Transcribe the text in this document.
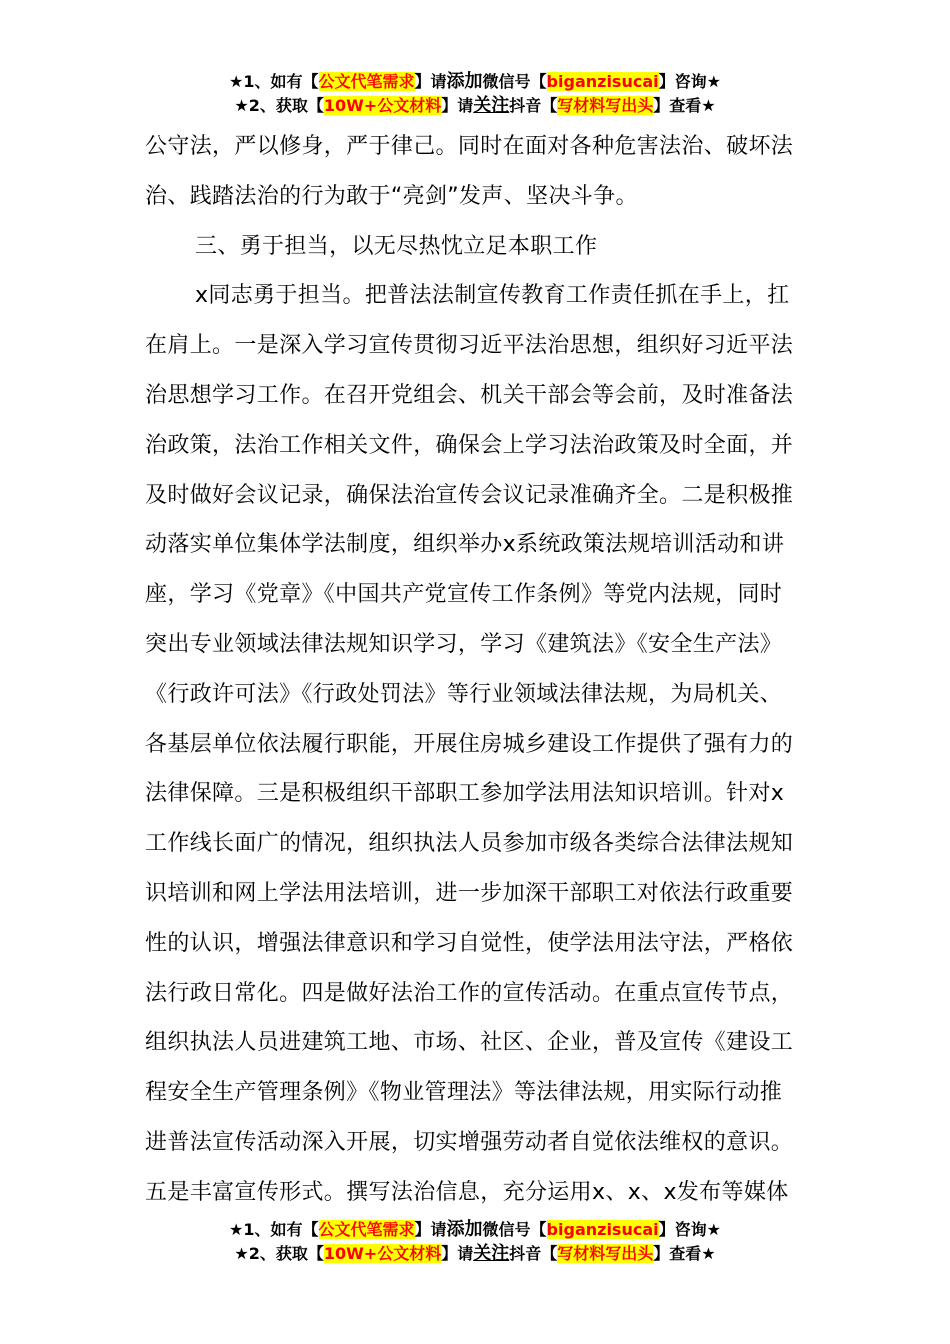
★1、如有【公文代笔需求】请添加微信号【biganzisucai】咨询★
★2、获取【10W+公文材料】请关注抖音【写材料写出头】查看★
公守法，严以修身，严于律己。同时在面对各种危害法治、破坏法
治、践踏法治的行为敢于“亮剑”发声、坚决斗争。
三、勇于担当，以无尽热忱立足本职工作
x同志勇于担当。把普法法制宣传教育工作责任抓在手上，扛
在肩上。一是深入学习宣传贯彻习近平法治思想，组织好习近平法
治思想学习工作。在召开党组会、机关干部会等会前，及时准备法
治政策，法治工作相关文件，确保会上学习法治政策及时全面，并
及时做好会议记录，确保法治宣传会议记录准确齐全。二是积极推
动落实单位集体学法制度，组织举办x系统政策法规培训活动和讲
座，学习《党章》《中国共产党宣传工作条例》等党内法规，同时
突出专业领域法律法规知识学习，学习《建筑法》《安全生产法》
《行政许可法》《行政处罚法》等行业领域法律法规，为局机关、
各基层单位依法履行职能，开展住房城乡建设工作提供了强有力的
法律保障。三是积极组织干部职工参加学法用法知识培训。针对x
工作线长面广的情况，组织执法人员参加市级各类综合法律法规知
识培训和网上学法用法培训，进一步加深干部职工对依法行政重要
性的认识，增强法律意识和学习自觉性，使学法用法守法，严格依
法行政日常化。四是做好法治工作的宣传活动。在重点宣传节点，
组织执法人员进建筑工地、市场、社区、企业，普及宣传《建设工
程安全生产管理条例》《物业管理法》等法律法规，用实际行动推
进普法宣传活动深入开展，切实增强劳动者自觉依法维权的意识。
五是丰富宣传形式。撰写法治信息，充分运用x、x、x发布等媒体
★1、如有【公文代笔需求】请添加微信号【biganzisucai】咨询★
★2、获取【10W+公文材料】请关注抖音【写材料写出头】查看★
